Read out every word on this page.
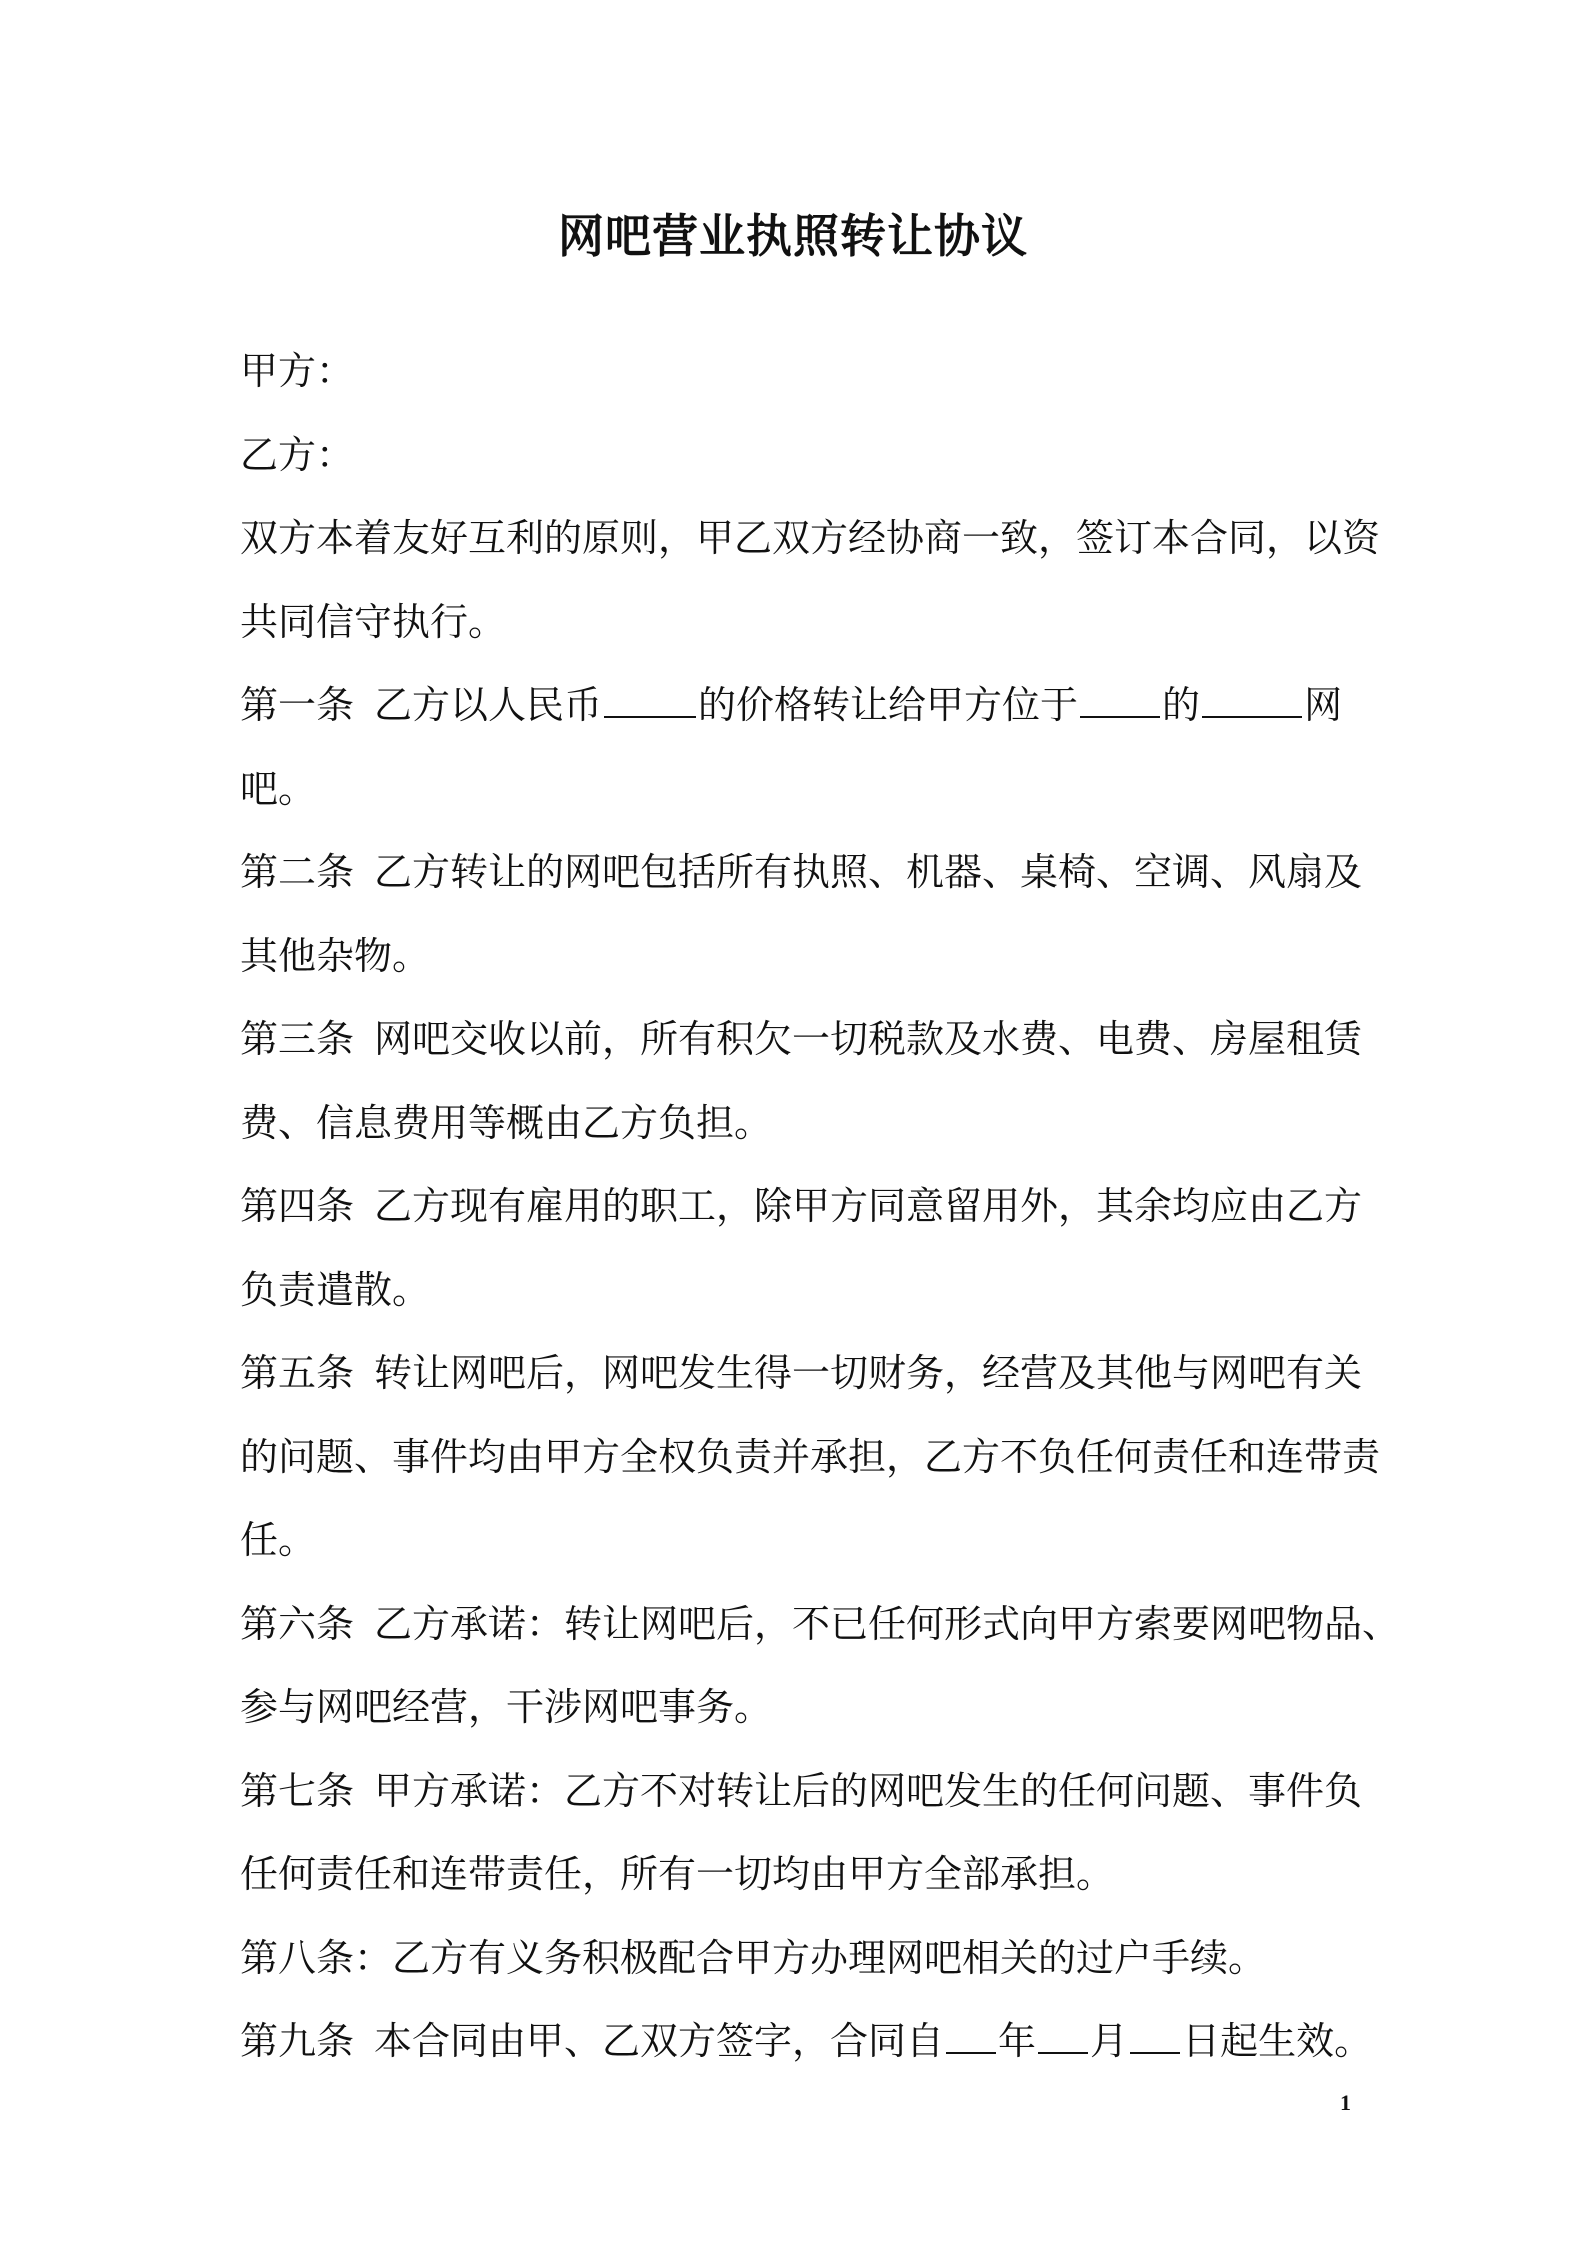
网吧营业执照转让协议
甲方：
乙方：
双方本着友好互利的原则，甲乙双方经协商一致，签订本合同，以资
共同信守执行。
第一条 乙方以人民币	的价格转让给甲方位于 的	网
吧。
第二条 乙方转让的网吧包括所有执照、机器、桌椅、空调、风扇及
其他杂物。
第三条 网吧交收以前，所有积欠一切税款及水费、电费、房屋租赁
费、信息费用等概由乙方负担。
第四条 乙方现有雇用的职工，除甲方同意留用外，其余均应由乙方
负责遣散。
第五条 转让网吧后，网吧发生得一切财务，经营及其他与网吧有关
的问题、事件均由甲方全权负责并承担，乙方不负任何责任和连带责
任。
第六条 乙方承诺：转让网吧后，不已任何形式向甲方索要网吧物品、
参与网吧经营，干涉网吧事务。
第七条 甲方承诺：乙方不对转让后的网吧发生的任何问题、事件负
任何责任和连带责任，所有一切均由甲方全部承担。
第八条：乙方有义务积极配合甲方办理网吧相关的过户手续。
第九条 本合同由甲、乙双方签字，合同自 年 月 日起生效。
1
